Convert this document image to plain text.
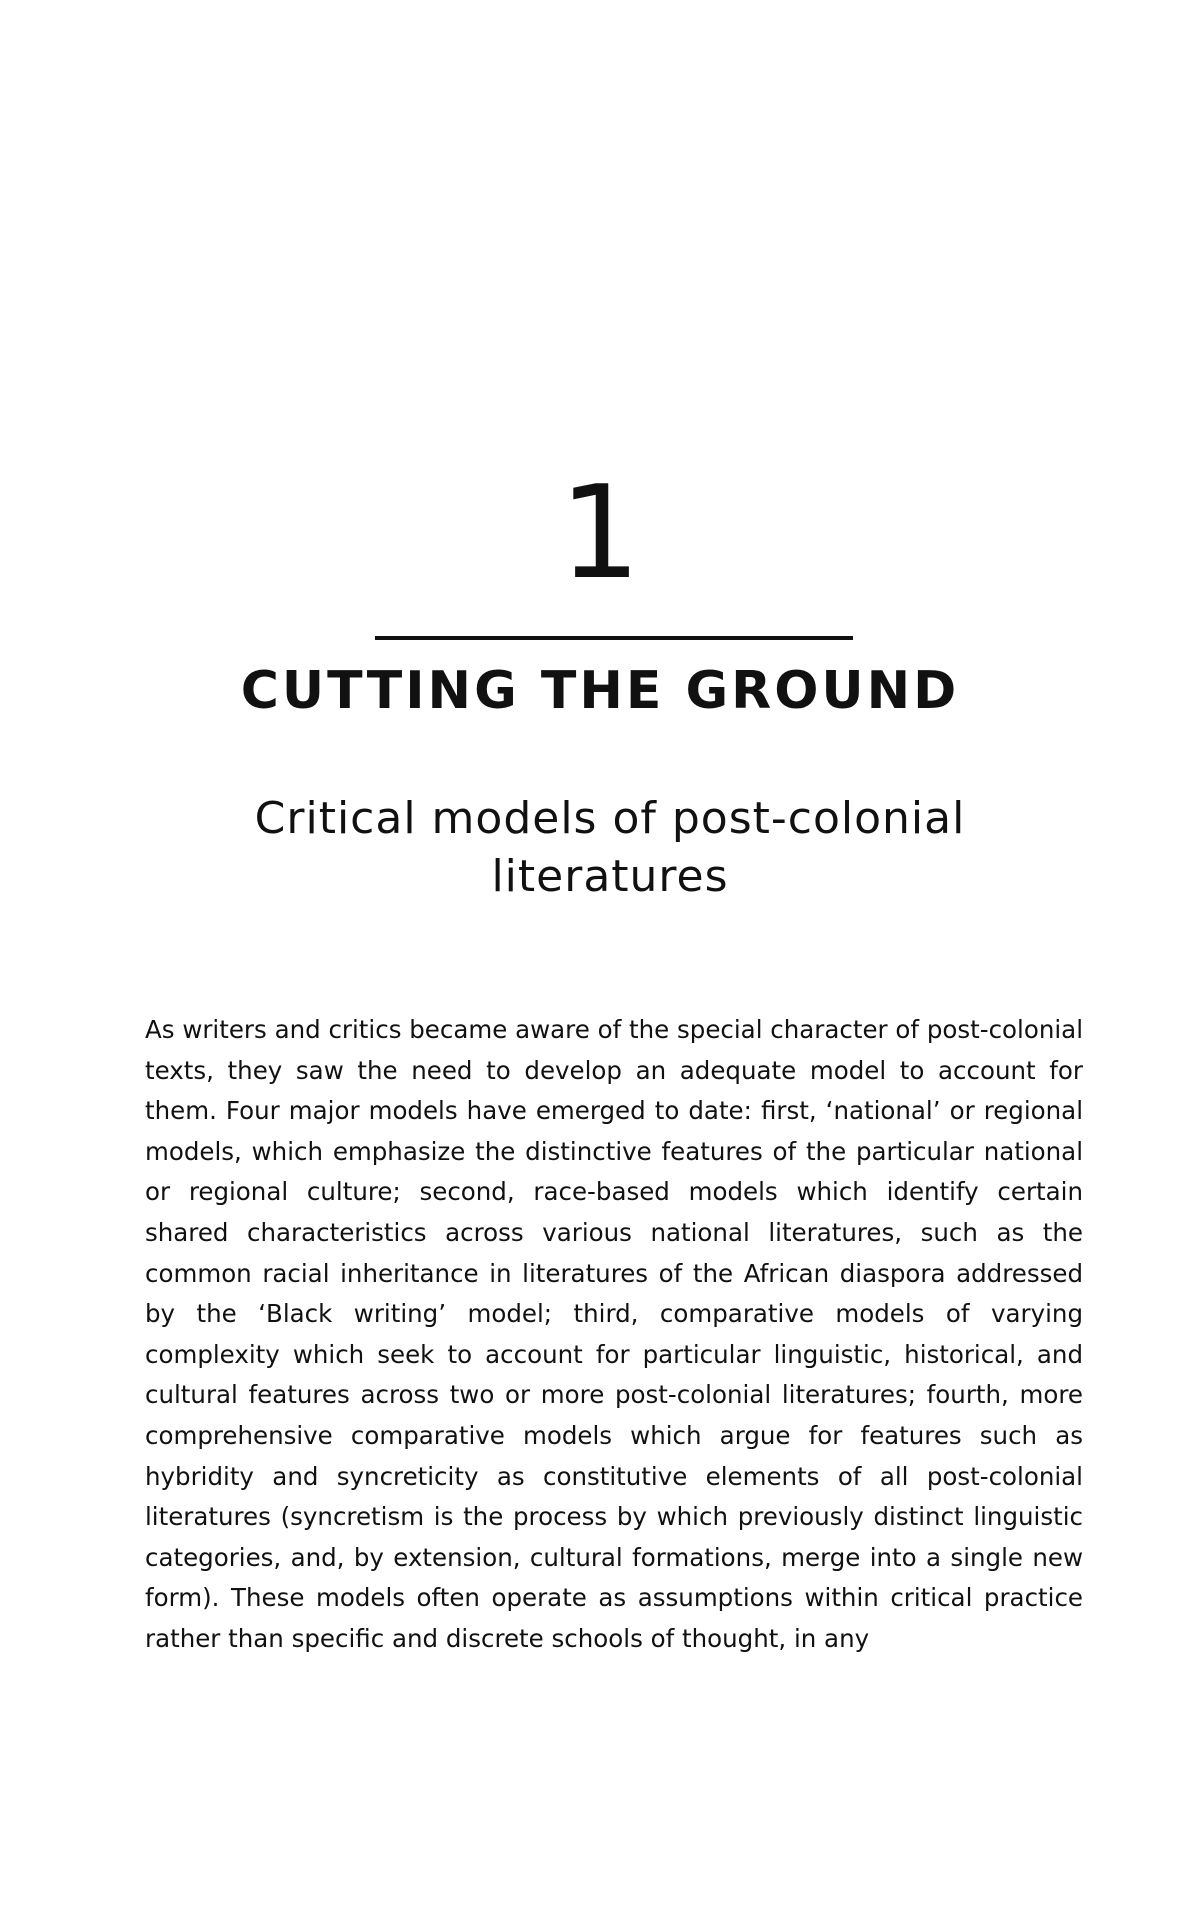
1
CUTTING THE GROUND
Critical models of post-colonial literatures

As writers and critics became aware of the special character of post-colonial texts, they saw the need to develop an adequate model to account for them. Four major models have emerged to date: first, ‘national’ or regional models, which emphasize the distinctive features of the particular national or regional culture; second, race-based models which identify certain shared characteristics across various national literatures, such as the common racial inheritance in literatures of the African diaspora addressed by the ‘Black writing’ model; third, comparative models of varying complexity which seek to account for particular linguistic, historical, and cultural features across two or more post-colonial literatures; fourth, more comprehensive comparative models which argue for features such as hybridity and syncreticity as constitutive elements of all post-colonial literatures (syncretism is the process by which previously distinct linguistic categories, and, by extension, cultural formations, merge into a single new form). These models often operate as assumptions within critical practice rather than specific and discrete schools of thought, in any
